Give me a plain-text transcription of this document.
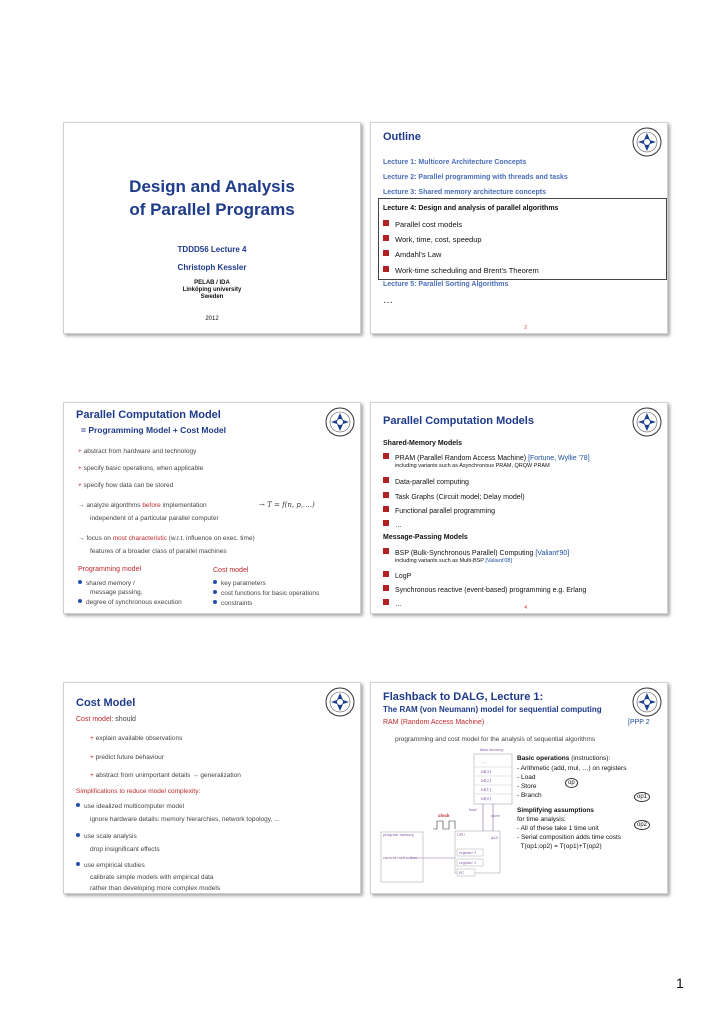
Design and Analysis
of Parallel Programs
TDDD56 Lecture 4
Christoph Kessler
PELAB / IDA
Linköping university
Sweden
2012
Outline
Lecture 1: Multicore Architecture Concepts
Lecture 2: Parallel programming with threads and tasks
Lecture 3: Shared memory architecture concepts
Lecture 4: Design and analysis of parallel algorithms
Parallel cost models
Work, time, cost, speedup
Amdahl's Law
Work-time scheduling and Brent's Theorem
Lecture 5: Parallel Sorting Algorithms
…
2
Parallel Computation Model
= Programming Model + Cost Model
+ abstract from hardware and technology
+ specify basic operations, when applicable
+ specify how data can be stored
→ analyze algorithms before implementation	→ T = f(n, p, ...)
independent of a particular parallel computer
→ focus on most characteristic (w.r.t. influence on exec. time)
features of a broader class of parallel machines
Programming model	Cost model
shared memory /
message passing,
degree of synchronous execution
key parameters
cost functions for basic operations
constraints
Parallel Computation Models
Shared-Memory Models
PRAM (Parallel Random Access Machine) [Fortune, Wyllie '78]
including variants such as Asynchronous PRAM, QRQW PRAM
Data-parallel computing
Task Graphs (Circuit model; Delay model)
Functional parallel programming
…
Message-Passing Models
BSP (Bulk-Synchronous Parallel) Computing [Valiant'90]
including variants such as Multi-BSP [Valiant'08]
LogP
Synchronous reactive (event-based) programming e.g. Erlang
…	4
Cost Model
Cost model: should
+ explain available observations
+ predict future behaviour
+ abstract from unimportant details → generalization
Simplifications to reduce model complexity:
use idealized multicomputer model
ignore hardware details: memory hierarchies, network topology, ...
use scale analysis
drop insignificant effects
use empirical studies
calibrate simple models with empirical data
rather than developing more complex models
Flashback to DALG, Lecture 1:
The RAM (von Neumann) model for sequential computing
RAM (Random Access Machine)	[PPP 2
programming and cost model for the analysis of sequential algorithms
data memory
....
M[3]
M[2]
M[1]
M[0]
load
store
clock
CPU
ALU
register 1
register 2
program memory
current instruction
PC
Basic operations (instructions):
- Arithmetic (add, mul, …) on registers
- Load
- Store
- Branch
op
op1
op2
Simplifying assumptions
for time analysis:
- All of these take 1 time unit
- Serial composition adds time costs
T(op1;op2) = T(op1)+T(op2)
1
